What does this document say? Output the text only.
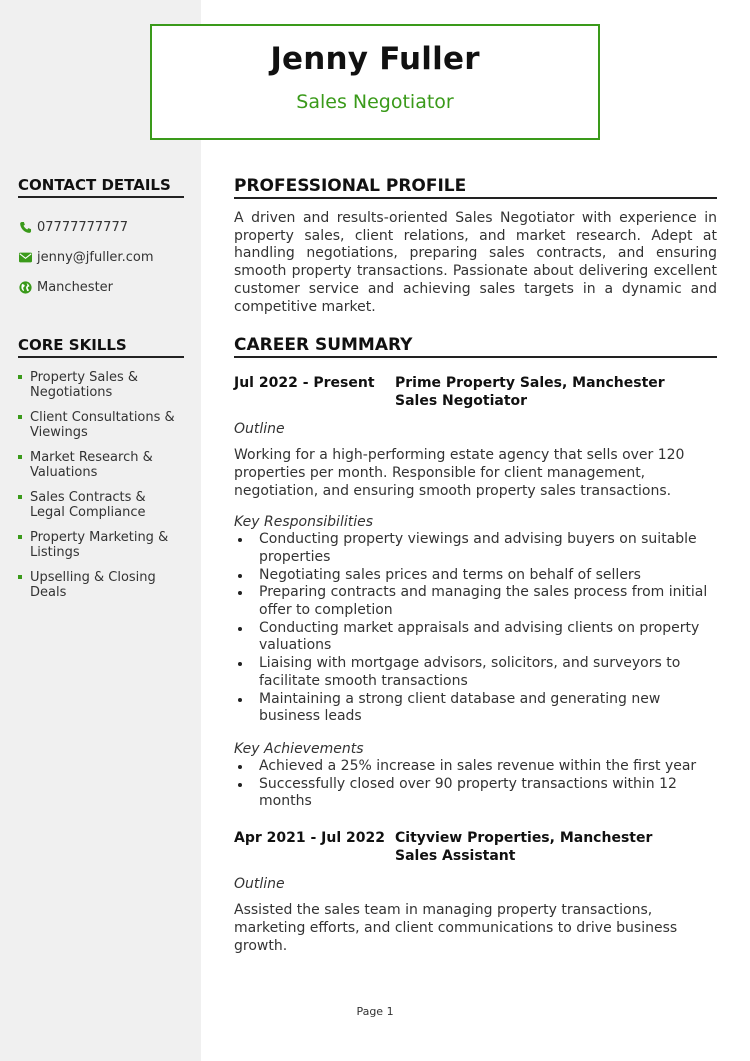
Jenny Fuller
Sales Negotiator
CONTACT DETAILS
07777777777
jenny@jfuller.com
Manchester
CORE SKILLS
Property Sales & Negotiations
Client Consultations & Viewings
Market Research & Valuations
Sales Contracts & Legal Compliance
Property Marketing & Listings
Upselling & Closing Deals
PROFESSIONAL PROFILE
A driven and results-oriented Sales Negotiator with experience in property sales, client relations, and market research. Adept at handling negotiations, preparing sales contracts, and ensuring smooth property transactions. Passionate about delivering excellent customer service and achieving sales targets in a dynamic and competitive market.
CAREER SUMMARY
Jul 2022 - Present	Prime Property Sales, Manchester
Sales Negotiator
Outline
Working for a high-performing estate agency that sells over 120 properties per month. Responsible for client management, negotiation, and ensuring smooth property sales transactions.
Key Responsibilities
Conducting property viewings and advising buyers on suitable properties
Negotiating sales prices and terms on behalf of sellers
Preparing contracts and managing the sales process from initial offer to completion
Conducting market appraisals and advising clients on property valuations
Liaising with mortgage advisors, solicitors, and surveyors to facilitate smooth transactions
Maintaining a strong client database and generating new business leads
Key Achievements
Achieved a 25% increase in sales revenue within the first year
Successfully closed over 90 property transactions within 12 months
Apr 2021 - Jul 2022 Cityview Properties, Manchester
Sales Assistant
Outline
Assisted the sales team in managing property transactions, marketing efforts, and client communications to drive business growth.
Page 1
